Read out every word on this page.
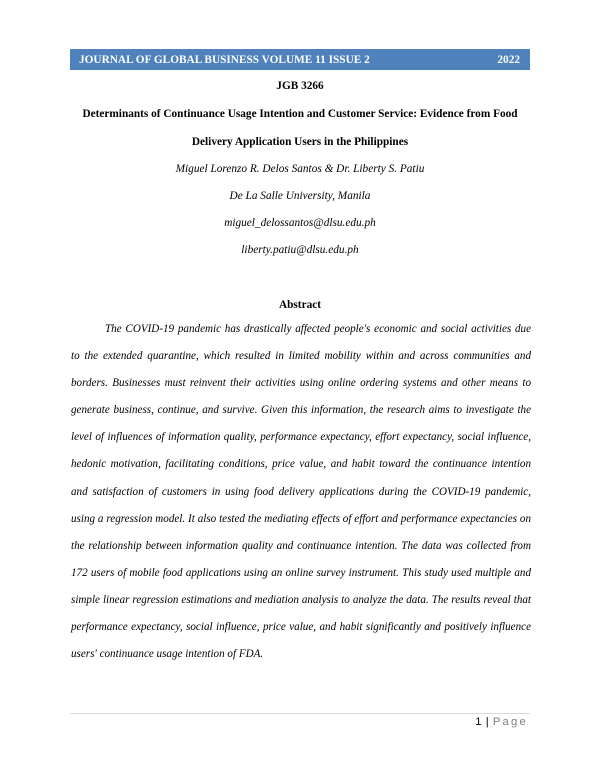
JOURNAL OF GLOBAL BUSINESS VOLUME 11 ISSUE 2	2022
JGB 3266
Determinants of Continuance Usage Intention and Customer Service: Evidence from Food
Delivery Application Users in the Philippines
Miguel Lorenzo R. Delos Santos & Dr. Liberty S. Patiu
De La Salle University, Manila
miguel_delossantos@dlsu.edu.ph
liberty.patiu@dlsu.edu.ph
Abstract

The COVID-19 pandemic has drastically affected people's economic and social activities due to the extended quarantine, which resulted in limited mobility within and across communities and borders. Businesses must reinvent their activities using online ordering systems and other means to generate business, continue, and survive. Given this information, the research aims to investigate the level of influences of information quality, performance expectancy, effort expectancy, social influence, hedonic motivation, facilitating conditions, price value, and habit toward the continuance intention and satisfaction of customers in using food delivery applications during the COVID-19 pandemic, using a regression model. It also tested the mediating effects of effort and performance expectancies on the relationship between information quality and continuance intention. The data was collected from 172 users of mobile food applications using an online survey instrument. This study used multiple and simple linear regression estimations and mediation analysis to analyze the data. The results reveal that performance expectancy, social influence, price value, and habit significantly and positively influence users' continuance usage intention of FDA.

1 | Page
